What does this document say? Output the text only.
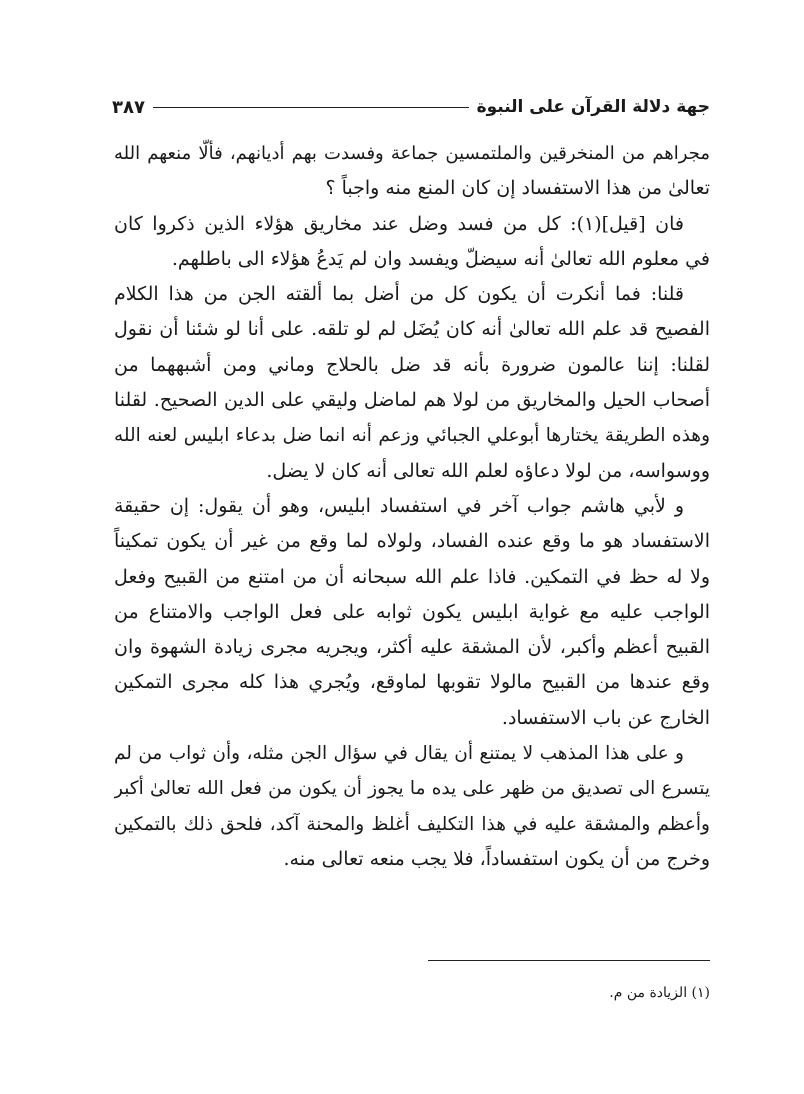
جهة دلالة القرآن على النبوة
٣٨٧
مجراهم من المنخرقين والملتمسين جماعة وفسدت بهم أديانهم، فألّا منعهم الله
تعالىٰ من هذا الاستفساد إن كان المنع منه واجباً ؟
فان [قيل](١): كل من فسد وضل عند مخاريق هؤلاء الذين ذكروا كان
في معلوم الله تعالىٰ أنه سيضلّ ويفسد وان لم يَدعُ هؤلاء الى باطلهم.
قلنا: فما أنكرت أن يكون كل من أضل بما ألقته الجن من هذا الكلام
الفصيح قد علم الله تعالىٰ أنه كان يُضَل لم لو تلقه. على أنا لو شئنا أن نقول
لقلنا: إننا عالمون ضرورة بأنه قد ضل بالحلاج وماني ومن أشبههما من
أصحاب الحيل والمخاريق من لولا هم لماضل وليقي على الدين الصحيح. لقلنا
وهذه الطريقة يختارها أبوعلي الجبائي وزعم أنه انما ضل بدعاء ابليس لعنه الله
ووسواسه، من لولا دعاؤه لعلم الله تعالى أنه كان لا يضل.
و لأبي هاشم جواب آخر في استفساد ابليس، وهو أن يقول: إن حقيقة
الاستفساد هو ما وقع عنده الفساد، ولولاه لما وقع من غير أن يكون تمكيناً
ولا له حظ في التمكين. فاذا علم الله سبحانه أن من امتنع من القبيح وفعل
الواجب عليه مع غواية ابليس يكون ثوابه على فعل الواجب والامتناع من
القبيح أعظم وأكبر، لأن المشقة عليه أكثر، ويجريه مجرى زيادة الشهوة وان
وقع عندها من القبيح مالولا تقوبها لماوقع، ويُجري هذا كله مجرى التمكين
الخارج عن باب الاستفساد.
و على هذا المذهب لا يمتنع أن يقال في سؤال الجن مثله، وأن ثواب من لم
يتسرع الى تصديق من ظهر على يده ما يجوز أن يكون من فعل الله تعالىٰ أكبر
وأعظم والمشقة عليه في هذا التكليف أغلظ والمحنة آكد، فلحق ذلك بالتمكين
وخرج من أن يكون استفساداً، فلا يجب منعه تعالى منه.
(١) الزيادة من م.
